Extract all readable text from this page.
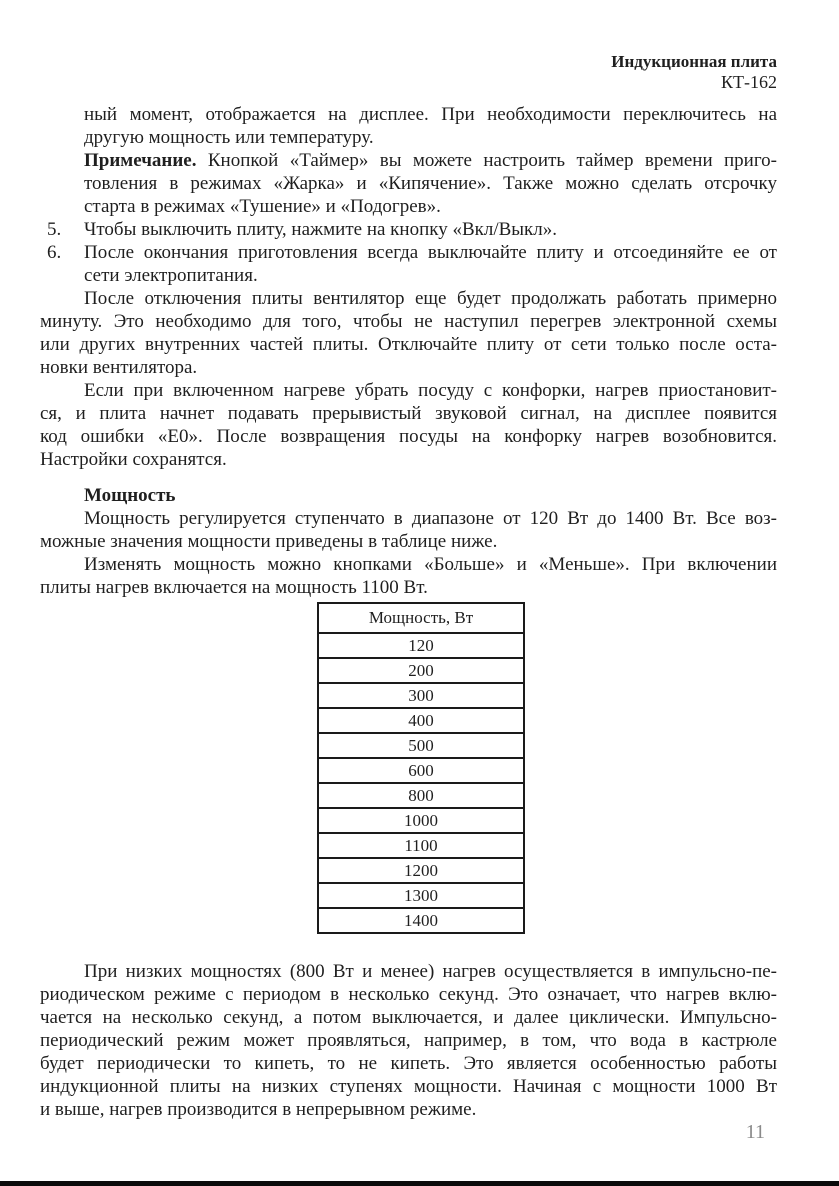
Индукционная плита
КТ-162
ный момент, отображается на дисплее. При необходимости переключитесь на
другую мощность или температуру.
Примечание. Кнопкой «Таймер» вы можете настроить таймер времени приго-
товления в режимах «Жарка» и «Кипячение». Также можно сделать отсрочку
старта в режимах «Тушение» и «Подогрев».
5. Чтобы выключить плиту, нажмите на кнопку «Вкл/Выкл».
6. После окончания приготовления всегда выключайте плиту и отсоединяйте ее от
сети электропитания.
После отключения плиты вентилятор еще будет продолжать работать примерно
минуту. Это необходимо для того, чтобы не наступил перегрев электронной схемы
или других внутренних частей плиты. Отключайте плиту от сети только после оста-
новки вентилятора.
Если при включенном нагреве убрать посуду с конфорки, нагрев приостановит-
ся, и плита начнет подавать прерывистый звуковой сигнал, на дисплее появится
код ошибки «Е0». После возвращения посуды на конфорку нагрев возобновится.
Настройки сохранятся.
Мощность
Мощность регулируется ступенчато в диапазоне от 120 Вт до 1400 Вт. Все воз-
можные значения мощности приведены в таблице ниже.
Изменять мощность можно кнопками «Больше» и «Меньше». При включении
плиты нагрев включается на мощность 1100 Вт.
Мощность, Вт
120
200
300
400
500
600
800
1000
1100
1200
1300
1400
При низких мощностях (800 Вт и менее) нагрев осуществляется в импульсно-пе-
риодическом режиме с периодом в несколько секунд. Это означает, что нагрев вклю-
чается на несколько секунд, а потом выключается, и далее циклически. Импульсно-
периодический режим может проявляться, например, в том, что вода в кастрюле
будет периодически то кипеть, то не кипеть. Это является особенностью работы
индукционной плиты на низких ступенях мощности. Начиная с мощности 1000 Вт
и выше, нагрев производится в непрерывном режиме.
11
